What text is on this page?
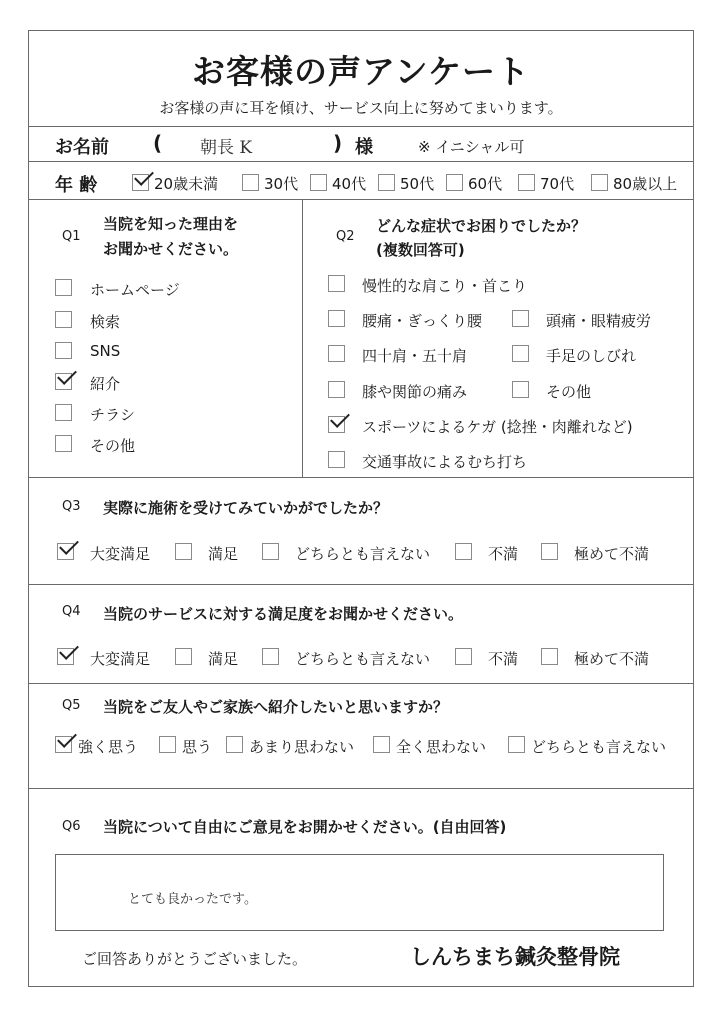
お客様の声アンケート
お客様の声に耳を傾け、サービス向上に努めてまいります。
お名前 ( 朝長 K	) 様	※ イニシャル可
年 齢	20歳未満	30代 40代 50代 60代	70代	80歳以上
Q1
当院を知った理由を
お聞かせください。
ホームページ
検索
SNS
紹介
チラシ
その他
Q2
どんな症状でお困りでしたか？
(複数回答可)
慢性的な肩こり・首こり
腰痛・ぎっくり腰	頭痛・眼精疲労
四十肩・五十肩	手足のしびれ
膝や関節の痛み	その他
スポーツによるケガ (捻挫・肉離れなど)
交通事故によるむち打ち
Q3 実際に施術を受けてみていかがでしたか？
大変満足	満足	どちらとも言えない	不満	極めて不満
Q4 当院のサービスに対する満足度をお聞かせください。
大変満足	満足	どちらとも言えない	不満	極めて不満
Q5 当院をご友人やご家族へ紹介したいと思いますか？
強く思う	思う あまり思わない	全く思わない	どちらとも言えない
Q6 当院について自由にご意見をお開かせください。(自由回答)
とても良かったです。
ご回答ありがとうございました。	しんちまち鍼灸整骨院
